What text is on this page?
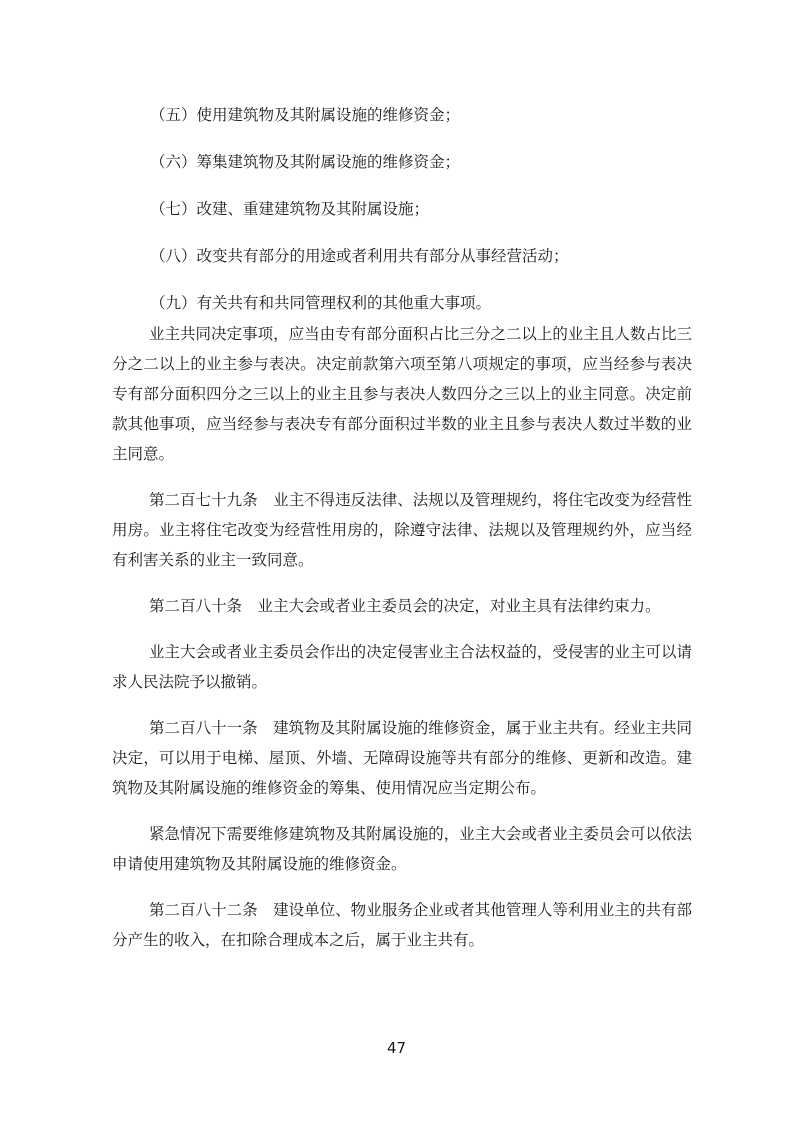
（五）使用建筑物及其附属设施的维修资金；
（六）筹集建筑物及其附属设施的维修资金；
（七）改建、重建建筑物及其附属设施；
（八）改变共有部分的用途或者利用共有部分从事经营活动；
（九）有关共有和共同管理权利的其他重大事项。

业主共同决定事项，应当由专有部分面积占比三分之二以上的业主且人数占比三分之二以上的业主参与表决。决定前款第六项至第八项规定的事项，应当经参与表决专有部分面积四分之三以上的业主且参与表决人数四分之三以上的业主同意。决定前款其他事项，应当经参与表决专有部分面积过半数的业主且参与表决人数过半数的业主同意。

第二百七十九条　业主不得违反法律、法规以及管理规约，将住宅改变为经营性用房。业主将住宅改变为经营性用房的，除遵守法律、法规以及管理规约外，应当经有利害关系的业主一致同意。

第二百八十条　业主大会或者业主委员会的决定，对业主具有法律约束力。

业主大会或者业主委员会作出的决定侵害业主合法权益的，受侵害的业主可以请求人民法院予以撤销。

第二百八十一条　建筑物及其附属设施的维修资金，属于业主共有。经业主共同决定，可以用于电梯、屋顶、外墙、无障碍设施等共有部分的维修、更新和改造。建筑物及其附属设施的维修资金的筹集、使用情况应当定期公布。

紧急情况下需要维修建筑物及其附属设施的，业主大会或者业主委员会可以依法申请使用建筑物及其附属设施的维修资金。

第二百八十二条　建设单位、物业服务企业或者其他管理人等利用业主的共有部分产生的收入，在扣除合理成本之后，属于业主共有。

47
